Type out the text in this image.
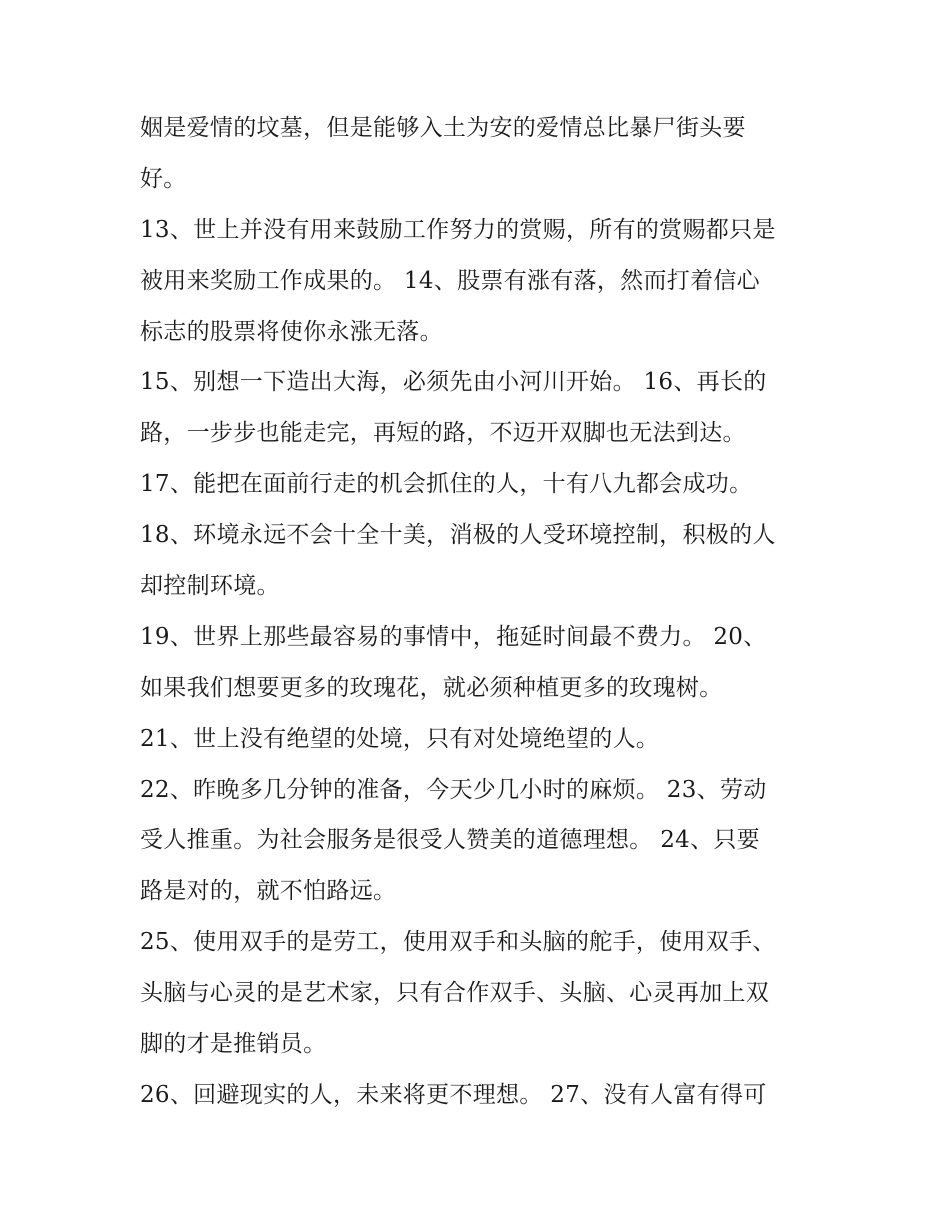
姻是爱情的坟墓，但是能够入土为安的爱情总比暴尸街头要
好。
13、世上并没有用来鼓励工作努力的赏赐，所有的赏赐都只是
被用来奖励工作成果的。 14、股票有涨有落，然而打着信心
标志的股票将使你永涨无落。
15、别想一下造出大海，必须先由小河川开始。 16、再长的
路，一步步也能走完，再短的路，不迈开双脚也无法到达。
17、能把在面前行走的机会抓住的人，十有八九都会成功。
18、环境永远不会十全十美，消极的人受环境控制，积极的人
却控制环境。
19、世界上那些最容易的事情中，拖延时间最不费力。 20、
如果我们想要更多的玫瑰花，就必须种植更多的玫瑰树。
21、世上没有绝望的处境，只有对处境绝望的人。
22、昨晚多几分钟的准备，今天少几小时的麻烦。 23、劳动
受人推重。为社会服务是很受人赞美的道德理想。 24、只要
路是对的，就不怕路远。
25、使用双手的是劳工，使用双手和头脑的舵手，使用双手、
头脑与心灵的是艺术家，只有合作双手、头脑、心灵再加上双
脚的才是推销员。
26、回避现实的人，未来将更不理想。 27、没有人富有得可
